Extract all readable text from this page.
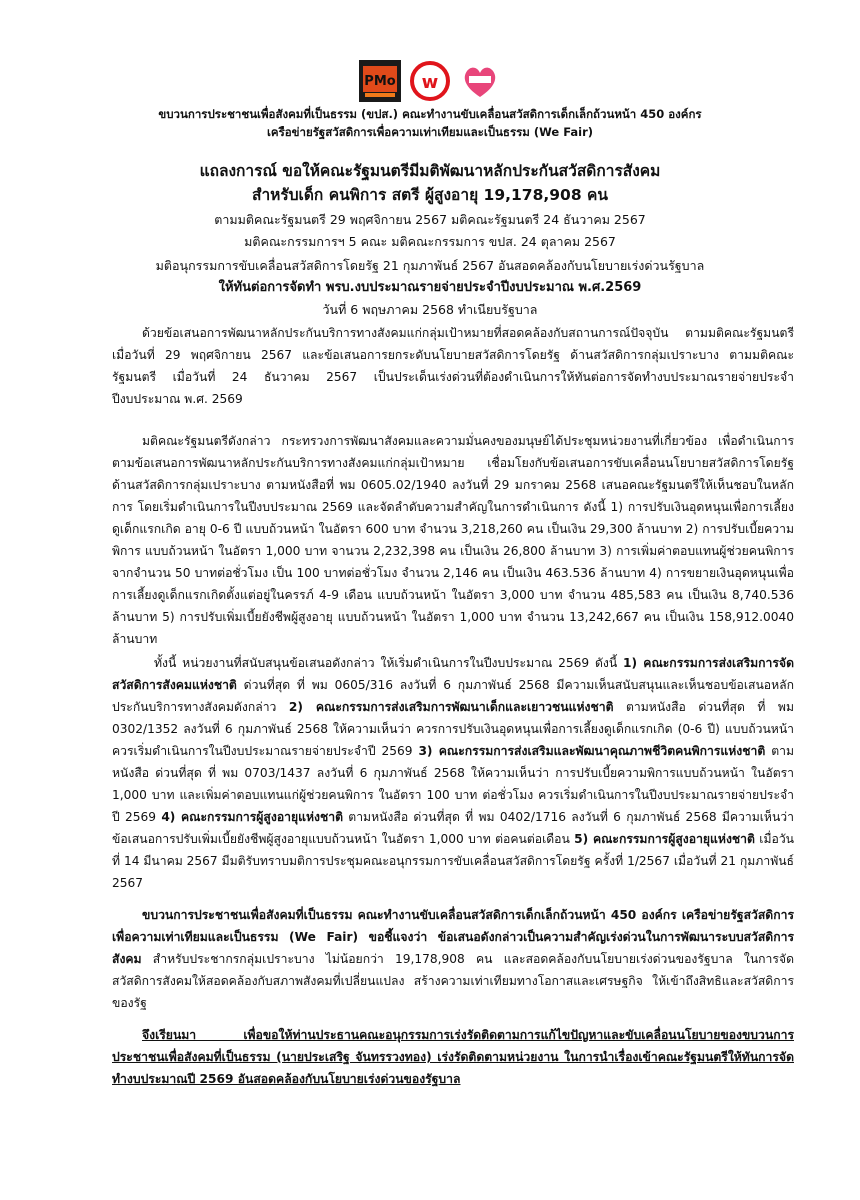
PMo w
ขบวนการประชาชนเพื่อสังคมที่เป็นธรรม (ขปส.) คณะทำงานขับเคลื่อนสวัสดิการเด็กเล็กถ้วนหน้า 450 องค์กร
เครือข่ายรัฐสวัสดิการเพื่อความเท่าเทียมและเป็นธรรม (We Fair)
แถลงการณ์ ขอให้คณะรัฐมนตรีมีมติพัฒนาหลักประกันสวัสดิการสังคม
สำหรับเด็ก คนพิการ สตรี ผู้สูงอายุ 19,178,908 คน
ตามมติคณะรัฐมนตรี 29 พฤศจิกายน 2567 มติคณะรัฐมนตรี 24 ธันวาคม 2567
มติคณะกรรมการฯ 5 คณะ มติคณะกรรมการ ขปส. 24 ตุลาคม 2567
มติอนุกรรมการขับเคลื่อนสวัสดิการโดยรัฐ 21 กุมภาพันธ์ 2567 อันสอดคล้องกับนโยบายเร่งด่วนรัฐบาล
ให้ทันต่อการจัดทำ พรบ.งบประมาณรายจ่ายประจำปีงบประมาณ พ.ศ.2569
วันที่ 6 พฤษภาคม 2568 ทำเนียบรัฐบาล

ด้วยข้อเสนอการพัฒนาหลักประกันบริการทางสังคมแก่กลุ่มเป้าหมายที่สอดคล้องกับสถานการณ์ปัจจุบัน ตามมติคณะรัฐมนตรี เมื่อวันที่ 29 พฤศจิกายน 2567 และข้อเสนอการยกระดับนโยบายสวัสดิการโดยรัฐ ด้านสวัสดิการกลุ่มเปราะบาง ตามมติคณะรัฐมนตรี เมื่อวันที่ 24 ธันวาคม 2567 เป็นประเด็นเร่งด่วนที่ต้องดำเนินการให้ทันต่อการจัดทำงบประมาณรายจ่ายประจำปีงบประมาณ พ.ศ. 2569

มติคณะรัฐมนตรีดังกล่าว กระทรวงการพัฒนาสังคมและความมั่นคงของมนุษย์ได้ประชุมหน่วยงานที่เกี่ยวข้อง เพื่อดำเนินการตามข้อเสนอการพัฒนาหลักประกันบริการทางสังคมแก่กลุ่มเป้าหมาย เชื่อมโยงกับข้อเสนอการขับเคลื่อนนโยบายสวัสดิการโดยรัฐ ด้านสวัสดิการกลุ่มเปราะบาง ตามหนังสือที่ พม 0605.02/1940 ลงวันที่ 29 มกราคม 2568 เสนอคณะรัฐมนตรีให้เห็นชอบในหลักการ โดยเริ่มดำเนินการในปีงบประมาณ 2569 และจัดลำดับความสำคัญในการดำเนินการ ดังนี้ 1) การปรับเงินอุดหนุนเพื่อการเลี้ยงดูเด็กแรกเกิด อายุ 0-6 ปี แบบถ้วนหน้า ในอัตรา 600 บาท จำนวน 3,218,260 คน เป็นเงิน 29,300 ล้านบาท 2) การปรับเบี้ยความพิการ แบบถ้วนหน้า ในอัตรา 1,000 บาท จานวน 2,232,398 คน เป็นเงิน 26,800 ล้านบาท 3) การเพิ่มค่าตอบแทนผู้ช่วยคนพิการ จากจำนวน 50 บาทต่อชั่วโมง เป็น 100 บาทต่อชั่วโมง จำนวน 2,146 คน เป็นเงิน 463.536 ล้านบาท 4) การขยายเงินอุดหนุนเพื่อการเลี้ยงดูเด็กแรกเกิดตั้งแต่อยู่ในครรภ์ 4-9 เดือน แบบถ้วนหน้า ในอัตรา 3,000 บาท จำนวน 485,583 คน เป็นเงิน 8,740.536 ล้านบาท 5) การปรับเพิ่มเบี้ยยังชีพผู้สูงอายุ แบบถ้วนหน้า ในอัตรา 1,000 บาท จำนวน 13,242,667 คน เป็นเงิน 158,912.0040 ล้านบาท

ทั้งนี้ หน่วยงานที่สนับสนุนข้อเสนอดังกล่าว ให้เริ่มดำเนินการในปีงบประมาณ 2569 ดังนี้ 1) คณะกรรมการส่งเสริมการจัดสวัสดิการสังคมแห่งชาติ ด่วนที่สุด ที่ พม 0605/316 ลงวันที่ 6 กุมภาพันธ์ 2568 มีความเห็นสนับสนุนและเห็นชอบข้อเสนอหลักประกันบริการทางสังคมดังกล่าว 2) คณะกรรมการส่งเสริมการพัฒนาเด็กและเยาวชนแห่งชาติ ตามหนังสือ ด่วนที่สุด ที่ พม 0302/1352 ลงวันที่ 6 กุมภาพันธ์ 2568 ให้ความเห็นว่า ควรการปรับเงินอุดหนุนเพื่อการเลี้ยงดูเด็กแรกเกิด (0-6 ปี) แบบถ้วนหน้า ควรเริ่มดำเนินการในปีงบประมาณรายจ่ายประจำปี 2569 3) คณะกรรมการส่งเสริมและพัฒนาคุณภาพชีวิตคนพิการแห่งชาติ ตามหนังสือ ด่วนที่สุด ที่ พม 0703/1437 ลงวันที่ 6 กุมภาพันธ์ 2568 ให้ความเห็นว่า การปรับเบี้ยความพิการแบบถ้วนหน้า ในอัตรา 1,000 บาท และเพิ่มค่าตอบแทนแก่ผู้ช่วยคนพิการ ในอัตรา 100 บาท ต่อชั่วโมง ควรเริ่มดำเนินการในปีงบประมาณรายจ่ายประจำปี 2569 4) คณะกรรมการผู้สูงอายุแห่งชาติ ตามหนังสือ ด่วนที่สุด ที่ พม 0402/1716 ลงวันที่ 6 กุมภาพันธ์ 2568 มีความเห็นว่า ข้อเสนอการปรับเพิ่มเบี้ยยังชีพผู้สูงอายุแบบถ้วนหน้า ในอัตรา 1,000 บาท ต่อคนต่อเดือน 5) คณะกรรมการผู้สูงอายุแห่งชาติ เมื่อวันที่ 14 มีนาคม 2567 มีมติรับทราบมติการประชุมคณะอนุกรรมการขับเคลื่อนสวัสดิการโดยรัฐ ครั้งที่ 1/2567 เมื่อวันที่ 21 กุมภาพันธ์ 2567

ขบวนการประชาชนเพื่อสังคมที่เป็นธรรม คณะทำงานขับเคลื่อนสวัสดิการเด็กเล็กถ้วนหน้า 450 องค์กร เครือข่ายรัฐสวัสดิการเพื่อความเท่าเทียมและเป็นธรรม (We Fair) ขอชี้แจงว่า ข้อเสนอดังกล่าวเป็นความสำคัญเร่งด่วนในการพัฒนาระบบสวัสดิการสังคม สำหรับประชากรกลุ่มเปราะบาง ไม่น้อยกว่า 19,178,908 คน และสอดคล้องกับนโยบายเร่งด่วนของรัฐบาล ในการจัดสวัสดิการสังคมให้สอดคล้องกับสภาพสังคมที่เปลี่ยนแปลง สร้างความเท่าเทียมทางโอกาสและเศรษฐกิจ ให้เข้าถึงสิทธิและสวัสดิการของรัฐ

จึงเรียนมา เพื่อขอให้ท่านประธานคณะอนุกรรมการเร่งรัดติดตามการแก้ไขปัญหาและขับเคลื่อนนโยบายของขบวนการประชาชนเพื่อสังคมที่เป็นธรรม (นายประเสริฐ จันทรรวงทอง) เร่งรัดติดตามหน่วยงาน ในการนำเรื่องเข้าคณะรัฐมนตรีให้ทันการจัดทำงบประมาณปี 2569 อันสอดคล้องกับนโยบายเร่งด่วนของรัฐบาล
